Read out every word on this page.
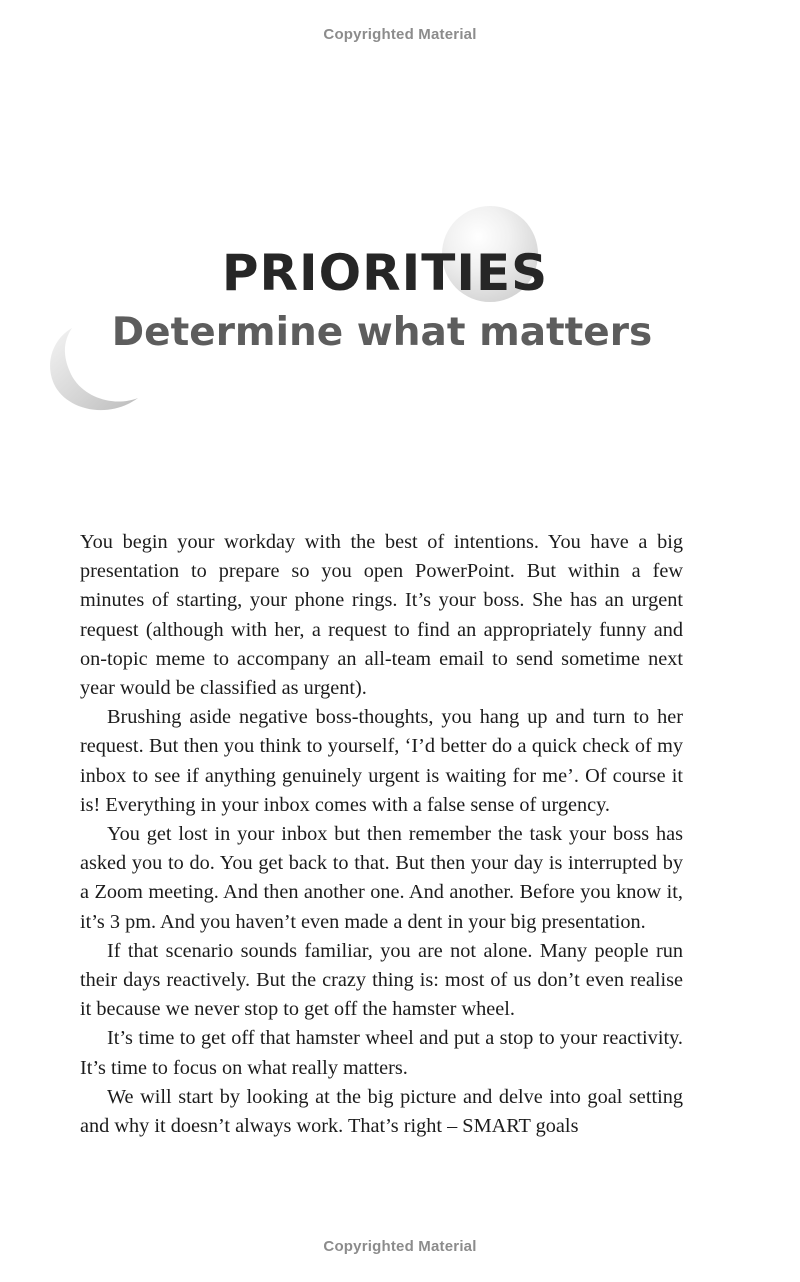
Copyrighted Material
PRIORITIES
Determine what matters

You begin your workday with the best of intentions. You have a big presentation to prepare so you open PowerPoint. But within a few minutes of starting, your phone rings. It’s your boss. She has an urgent request (although with her, a request to find an appropriately funny and on-topic meme to accompany an all-team email to send sometime next year would be classified as urgent).

Brushing aside negative boss-thoughts, you hang up and turn to her request. But then you think to yourself, ‘I’d better do a quick check of my inbox to see if anything genuinely urgent is waiting for me’. Of course it is! Everything in your inbox comes with a false sense of urgency.

You get lost in your inbox but then remember the task your boss has asked you to do. You get back to that. But then your day is interrupted by a Zoom meeting. And then another one. And another. Before you know it, it’s 3 pm. And you haven’t even made a dent in your big presentation.

If that scenario sounds familiar, you are not alone. Many people run their days reactively. But the crazy thing is: most of us don’t even realise it because we never stop to get off the hamster wheel.

It’s time to get off that hamster wheel and put a stop to your reactivity. It’s time to focus on what really matters.

We will start by looking at the big picture and delve into goal setting and why it doesn’t always work. That’s right – SMART goals

Copyrighted Material
